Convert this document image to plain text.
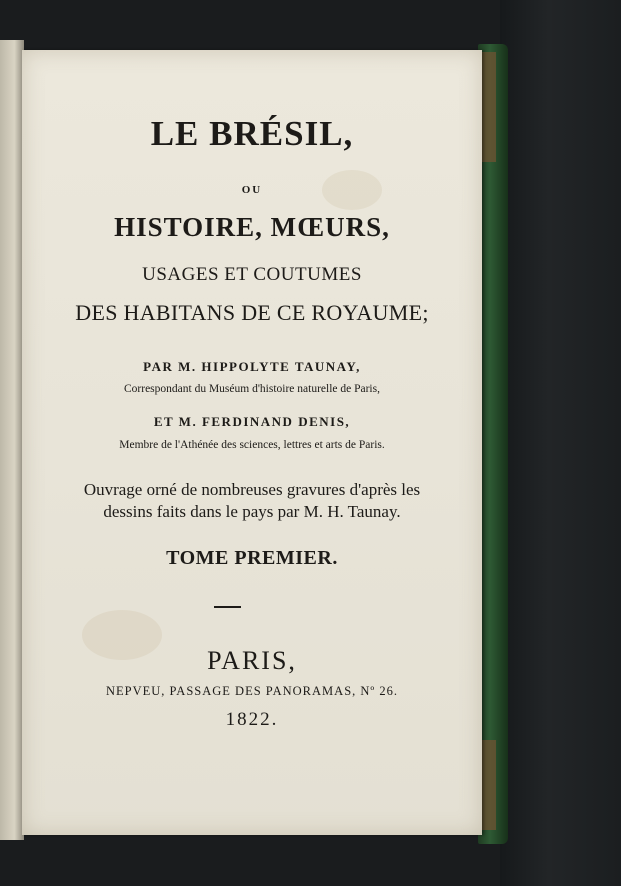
LE BRÉSIL,
OU
HISTOIRE, MŒURS,
USAGES ET COUTUMES
DES HABITANS DE CE ROYAUME;
PAR M. HIPPOLYTE TAUNAY,
Correspondant du Muséum d'histoire naturelle de Paris,
ET M. FERDINAND DENIS,
Membre de l'Athénée des sciences, lettres et arts de Paris.
Ouvrage orné de nombreuses gravures d'après les
dessins faits dans le pays par M. H. Taunay.
TOME PREMIER.
PARIS,
NEPVEU, PASSAGE DES PANORAMAS, Nº 26.
1822.
